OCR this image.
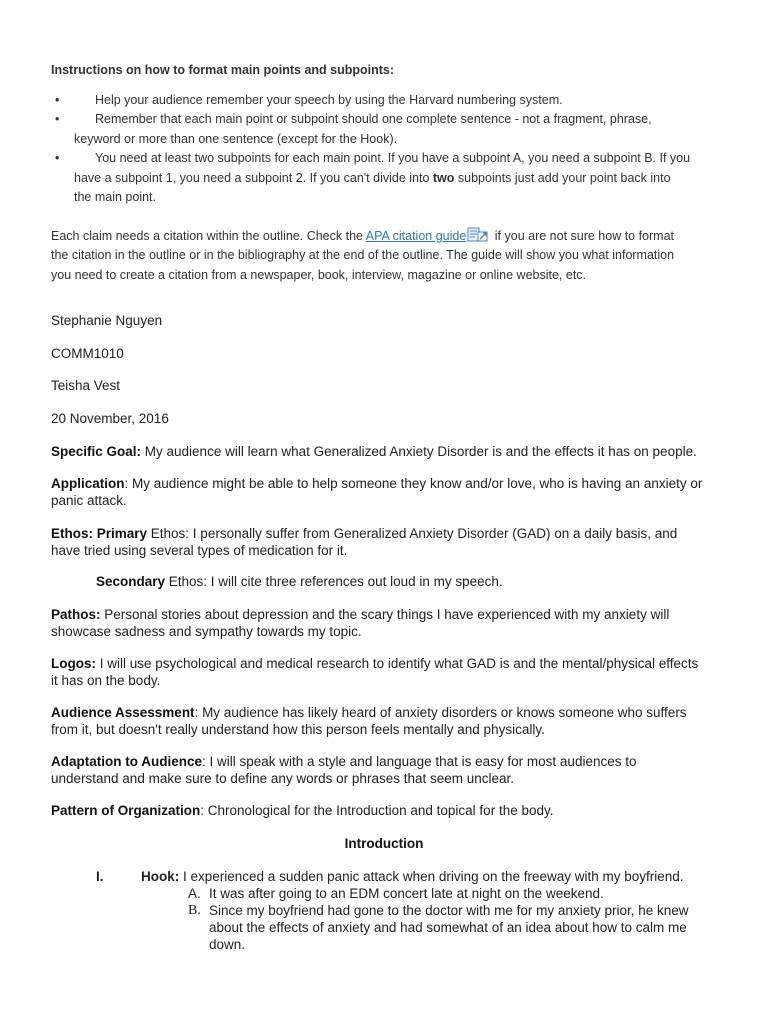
Instructions on how to format main points and subpoints:
•	Help your audience remember your speech by using the Harvard numbering system.
•	Remember that each main point or subpoint should one complete sentence - not a fragment, phrase,
keyword or more than one sentence (except for the Hook).
•	You need at least two subpoints for each main point. If you have a subpoint A, you need a subpoint B. If you
have a subpoint 1, you need a subpoint 2. If you can't divide into two subpoints just add your point back into
the main point.
Each claim needs a citation within the outline. Check the APA citation guide if you are not sure how to format
the citation in the outline or in the bibliography at the end of the outline. The guide will show you what information
you need to create a citation from a newspaper, book, interview, magazine or online website, etc.
Stephanie Nguyen
COMM1010
Teisha Vest
20 November, 2016
Specific Goal: My audience will learn what Generalized Anxiety Disorder is and the effects it has on people.
Application: My audience might be able to help someone they know and/or love, who is having an anxiety or
panic attack.
Ethos: Primary Ethos: I personally suffer from Generalized Anxiety Disorder (GAD) on a daily basis, and
have tried using several types of medication for it.
Secondary Ethos: I will cite three references out loud in my speech.
Pathos: Personal stories about depression and the scary things I have experienced with my anxiety will
showcase sadness and sympathy towards my topic.
Logos: I will use psychological and medical research to identify what GAD is and the mental/physical effects
it has on the body.
Audience Assessment: My audience has likely heard of anxiety disorders or knows someone who suffers
from it, but doesn't really understand how this person feels mentally and physically.
Adaptation to Audience: I will speak with a style and language that is easy for most audiences to
understand and make sure to define any words or phrases that seem unclear.
Pattern of Organization: Chronological for the Introduction and topical for the body.
Introduction
I.	Hook: I experienced a sudden panic attack when driving on the freeway with my boyfriend.
A. It was after going to an EDM concert late at night on the weekend.
B. Since my boyfriend had gone to the doctor with me for my anxiety prior, he knew
about the effects of anxiety and had somewhat of an idea about how to calm me
down.
